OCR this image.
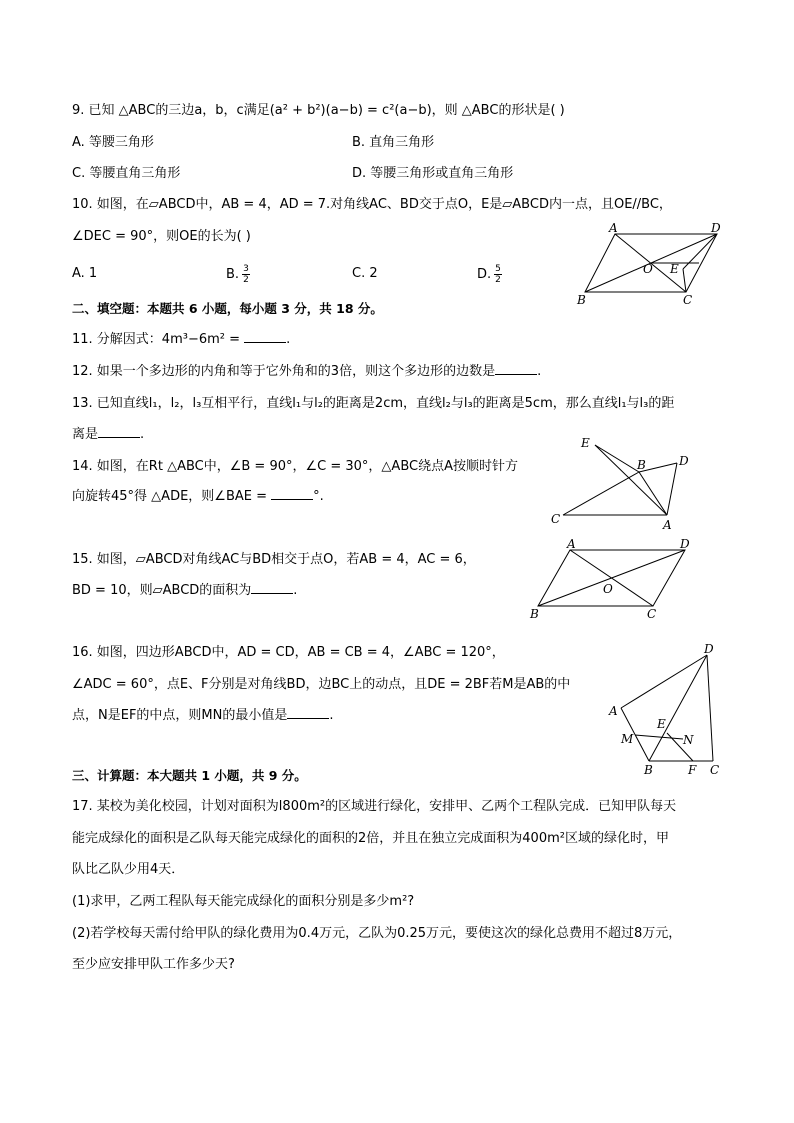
9. 已知 △ABC的三边a，b，c满足(a² + b²)(a−b) = c²(a−b)，则 △ABC的形状是( )
A. 等腰三角形	B. 直角三角形
C. 等腰直角三角形	D. 等腰三角形或直角三角形
10. 如图，在▱ABCD中，AB = 4，AD = 7.对角线AC、BD交于点O，E是▱ABCD内一点，且OE//BC，
∠DEC = 90°，则OE的长为( )
A. 1	B. $\frac{3}{2}$	C. 2	D. $\frac{5}{2}$
A	D
O E
B	C
二、填空题：本题共 6 小题，每小题 3 分，共 18 分。
11. 分解因式：4m³−6m² =	.
12. 如果一个多边形的内角和等于它外角和的3倍，则这个多边形的边数是	.
13. 已知直线l₁，l₂，l₃互相平行，直线l₁与l₂的距离是2cm，直线l₂与l₃的距离是5cm，那么直线l₁与l₃的距
离是	.
14. 如图，在Rt △ABC中，∠B = 90°，∠C = 30°，△ABC绕点A按顺时针方
向旋转45°得 △ADE，则∠BAE =	°.
E
B	D
C	A
15. 如图，▱ABCD对角线AC与BD相交于点O，若AB = 4，AC = 6，
BD = 10，则▱ABCD的面积为	.
A	D
O
B	C
16. 如图，四边形ABCD中，AD = CD，AB = CB = 4，∠ABC = 120°，
∠ADC = 60°，点E、F分别是对角线BD，边BC上的动点，且DE = 2BF若M是AB的中
点，N是EF的中点，则MN的最小值是	.
D
A
E
M	N
B	F C
三、计算题：本大题共 1 小题，共 9 分。
17. 某校为美化校园，计划对面积为l800m²的区域进行绿化，安排甲、乙两个工程队完成．已知甲队每天
能完成绿化的面积是乙队每天能完成绿化的面积的2倍，并且在独立完成面积为400m²区域的绿化时，甲
队比乙队少用4天．
(1)求甲，乙两工程队每天能完成绿化的面积分别是多少m²?
(2)若学校每天需付给甲队的绿化费用为0.4万元，乙队为0.25万元，要使这次的绿化总费用不超过8万元，
至少应安排甲队工作多少天?
